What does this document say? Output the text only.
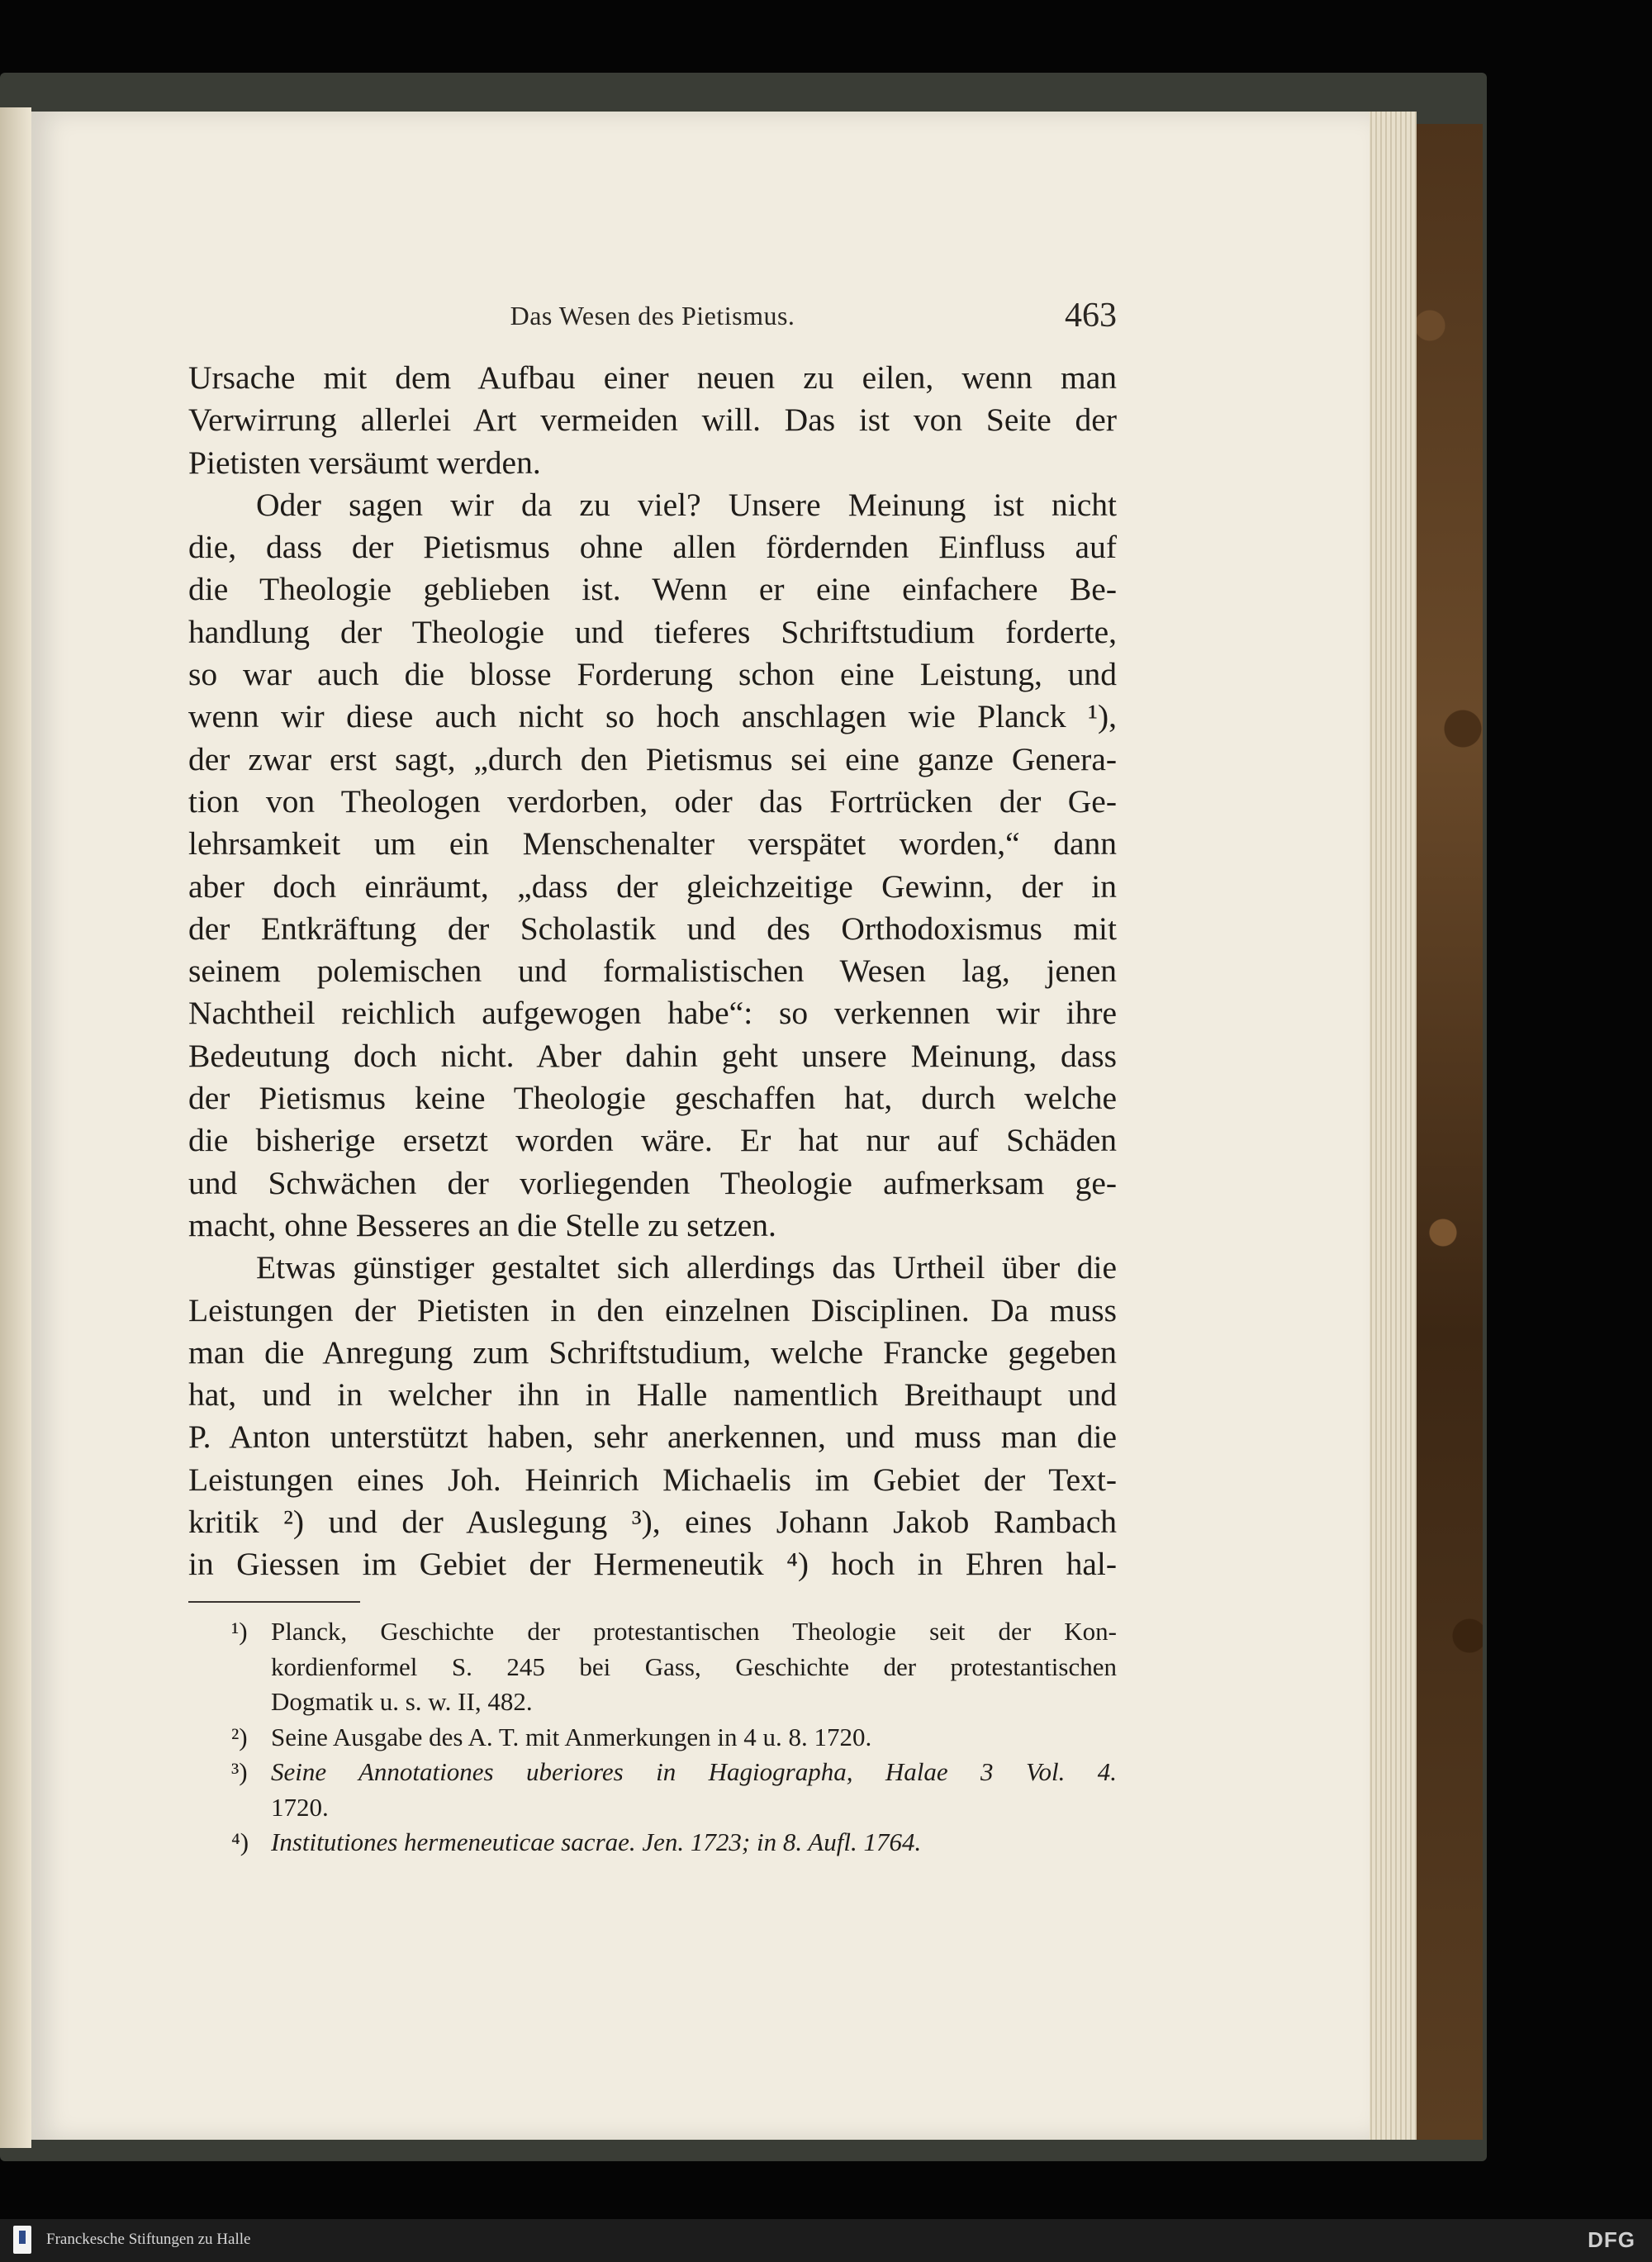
Das Wesen des Pietismus.	463
Ursache mit dem Aufbau einer neuen zu eilen, wenn man
Verwirrung allerlei Art vermeiden will. Das ist von Seite der
Pietisten versäumt werden.
Oder sagen wir da zu viel? Unsere Meinung ist nicht
die, dass der Pietismus ohne allen fördernden Einfluss auf
die Theologie geblieben ist. Wenn er eine einfachere Be-
handlung der Theologie und tieferes Schriftstudium forderte,
so war auch die blosse Forderung schon eine Leistung, und
wenn wir diese auch nicht so hoch anschlagen wie Planck ¹),
der zwar erst sagt, „durch den Pietismus sei eine ganze Genera-
tion von Theologen verdorben, oder das Fortrücken der Ge-
lehrsamkeit um ein Menschenalter verspätet worden,“ dann
aber doch einräumt, „dass der gleichzeitige Gewinn, der in
der Entkräftung der Scholastik und des Orthodoxismus mit
seinem polemischen und formalistischen Wesen lag, jenen
Nachtheil reichlich aufgewogen habe“: so verkennen wir ihre
Bedeutung doch nicht. Aber dahin geht unsere Meinung, dass
der Pietismus keine Theologie geschaffen hat, durch welche
die bisherige ersetzt worden wäre. Er hat nur auf Schäden
und Schwächen der vorliegenden Theologie aufmerksam ge-
macht, ohne Besseres an die Stelle zu setzen.
Etwas günstiger gestaltet sich allerdings das Urtheil über die
Leistungen der Pietisten in den einzelnen Disciplinen. Da muss
man die Anregung zum Schriftstudium, welche Francke gegeben
hat, und in welcher ihn in Halle namentlich Breithaupt und
P. Anton unterstützt haben, sehr anerkennen, und muss man die
Leistungen eines Joh. Heinrich Michaelis im Gebiet der Text-
kritik ²) und der Auslegung ³), eines Johann Jakob Rambach
in Giessen im Gebiet der Hermeneutik ⁴) hoch in Ehren hal-
¹) Planck, Geschichte der protestantischen Theologie seit der Kon-
kordienformel S. 245 bei Gass, Geschichte der protestantischen
Dogmatik u. s. w. II, 482.
²) Seine Ausgabe des A. T. mit Anmerkungen in 4 u. 8. 1720.
³) Seine Annotationes uberiores in Hagiographa, Halae 3 Vol. 4.
1720.
⁴) Institutiones hermeneuticae sacrae. Jen. 1723; in 8. Aufl. 1764.
Franckesche Stiftungen zu Halle	DFG
